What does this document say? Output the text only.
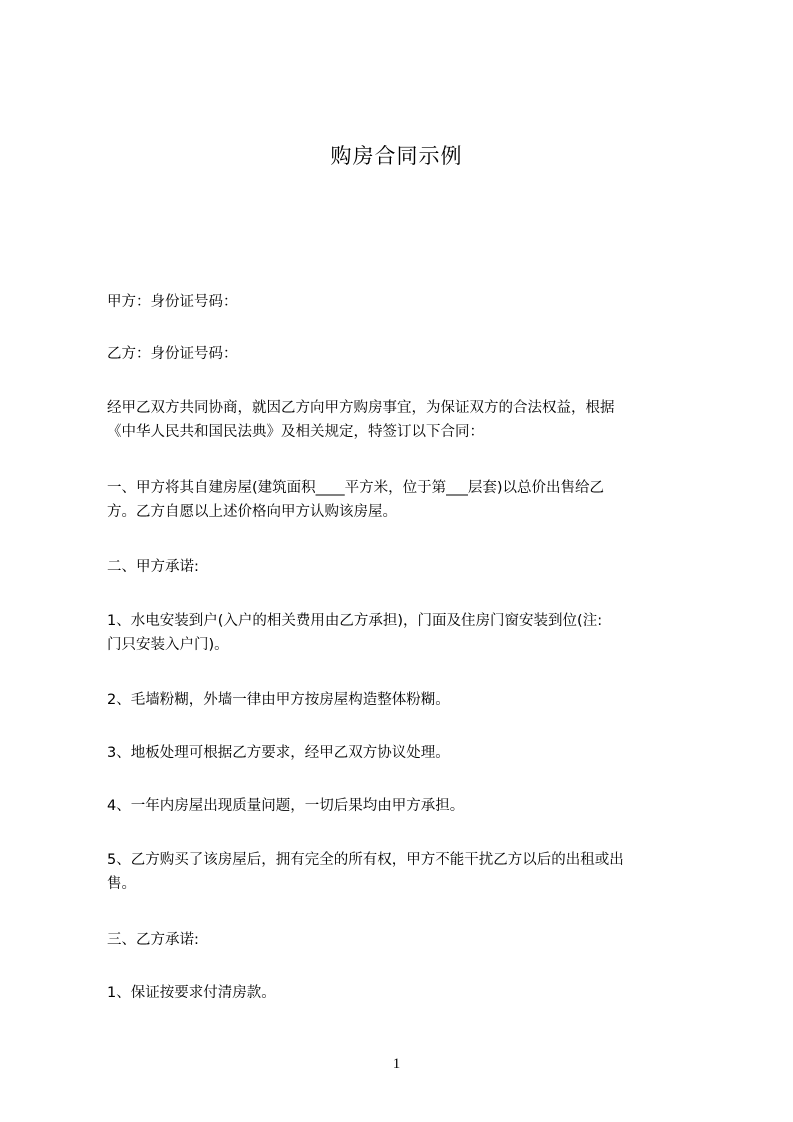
购房合同示例

甲方：身份证号码：

乙方：身份证号码：

经甲乙双方共同协商，就因乙方向甲方购房事宜，为保证双方的合法权益，根据
《中华人民共和国民法典》及相关规定，特签订以下合同：

一、甲方将其自建房屋(建筑面积____平方米，位于第___层套)以总价出售给乙
方。乙方自愿以上述价格向甲方认购该房屋。

二、甲方承诺:

1、水电安装到户(入户的相关费用由乙方承担)，门面及住房门窗安装到位(注:
门只安装入户门)。

2、毛墙粉糊，外墙一律由甲方按房屋构造整体粉糊。

3、地板处理可根据乙方要求，经甲乙双方协议处理。

4、一年内房屋出现质量问题，一切后果均由甲方承担。

5、乙方购买了该房屋后，拥有完全的所有权，甲方不能干扰乙方以后的出租或出
售。

三、乙方承诺:

1、保证按要求付清房款。

1
